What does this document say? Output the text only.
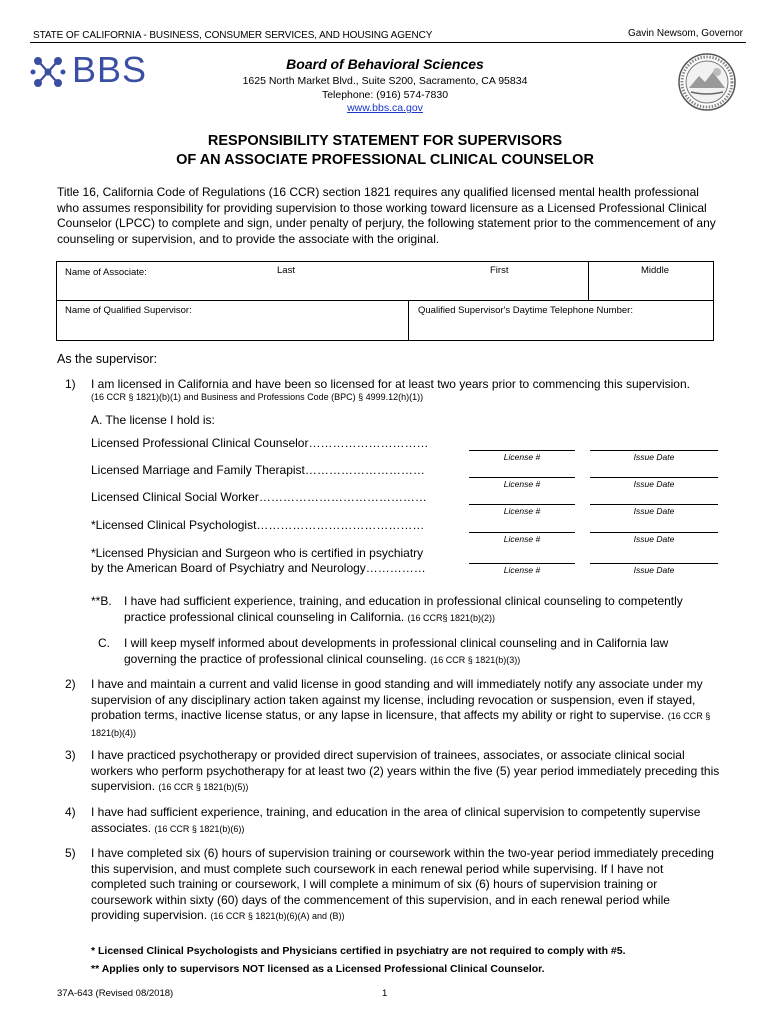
STATE OF CALIFORNIA - BUSINESS, CONSUMER SERVICES, AND HOUSING AGENCY	Gavin Newsom, Governor
BBS	Board of Behavioral Sciences
1625 North Market Blvd., Suite S200, Sacramento, CA 95834
Telephone: (916) 574-7830
www.bbs.ca.gov
RESPONSIBILITY STATEMENT FOR SUPERVISORS
OF AN ASSOCIATE PROFESSIONAL CLINICAL COUNSELOR
Title 16, California Code of Regulations (16 CCR) section 1821 requires any qualified licensed mental health professional who assumes responsibility for providing supervision to those working toward licensure as a Licensed Professional Clinical Counselor (LPCC) to complete and sign, under penalty of perjury, the following statement prior to the commencement of any counseling or supervision, and to provide the associate with the original.
Name of Associate:	Last	First	Middle
Name of Qualified Supervisor:	Qualified Supervisor's Daytime Telephone Number:
As the supervisor:
1) I am licensed in California and have been so licensed for at least two years prior to commencing this supervision.
(16 CCR § 1821)(b)(1) and Business and Professions Code (BPC) § 4999.12(h)(1))
A. The license I hold is:
Licensed Professional Clinical Counselor…………………………
License #	Issue Date
Licensed Marriage and Family Therapist…………………………
License #	Issue Date
Licensed Clinical Social Worker……………………………………
License #	Issue Date
*Licensed Clinical Psychologist……………………………………
License #	Issue Date
*Licensed Physician and Surgeon who is certified in psychiatry
by the American Board of Psychiatry and Neurology……………	License #	Issue Date
**B. I have had sufficient experience, training, and education in professional clinical counseling to competently practice professional clinical counseling in California. (16 CCR§ 1821(b)(2))
C. I will keep myself informed about developments in professional clinical counseling and in California law governing the practice of professional clinical counseling. (16 CCR § 1821(b)(3))
2) I have and maintain a current and valid license in good standing and will immediately notify any associate under my supervision of any disciplinary action taken against my license, including revocation or suspension, even if stayed, probation terms, inactive license status, or any lapse in licensure, that affects my ability or right to supervise. (16 CCR § 1821(b)(4))
3) I have practiced psychotherapy or provided direct supervision of trainees, associates, or associate clinical social workers who perform psychotherapy for at least two (2) years within the five (5) year period immediately preceding this supervision. (16 CCR § 1821(b)(5))
4) I have had sufficient experience, training, and education in the area of clinical supervision to competently supervise associates. (16 CCR § 1821(b)(6))
5) I have completed six (6) hours of supervision training or coursework within the two-year period immediately preceding this supervision, and must complete such coursework in each renewal period while supervising. If I have not completed such training or coursework, I will complete a minimum of six (6) hours of supervision training or coursework within sixty (60) days of the commencement of this supervision, and in each renewal period while providing supervision. (16 CCR § 1821(b)(6)(A) and (B))
* Licensed Clinical Psychologists and Physicians certified in psychiatry are not required to comply with #5.
** Applies only to supervisors NOT licensed as a Licensed Professional Clinical Counselor.
37A-643 (Revised 08/2018)	1
